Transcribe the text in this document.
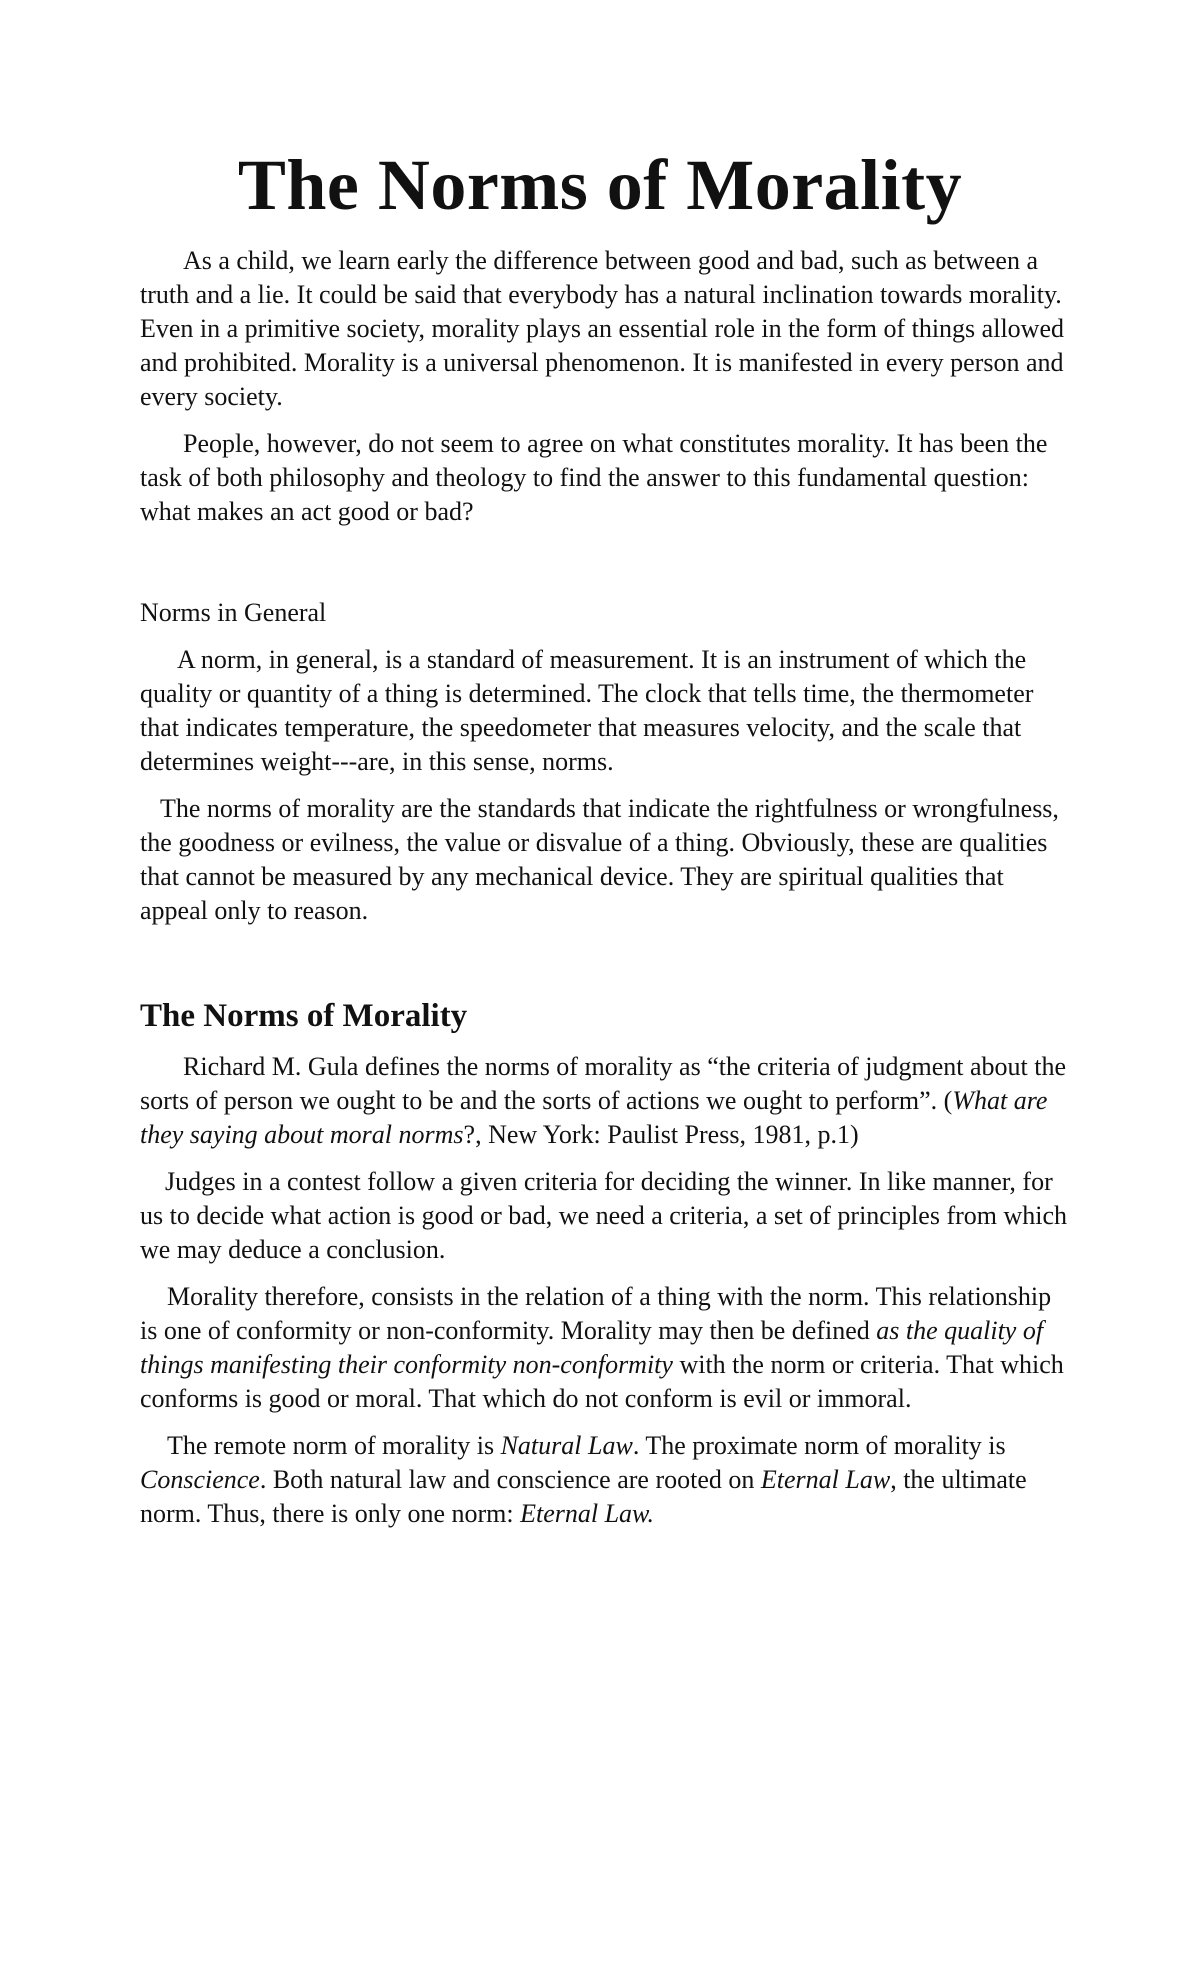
The Norms of Morality

As a child, we learn early the difference between good and bad, such as between a truth and a lie. It could be said that everybody has a natural inclination towards morality. Even in a primitive society, morality plays an essential role in the form of things allowed and prohibited. Morality is a universal phenomenon. It is manifested in every person and every society.

People, however, do not seem to agree on what constitutes morality. It has been the task of both philosophy and theology to find the answer to this fundamental question: what makes an act good or bad?

Norms in General

A norm, in general, is a standard of measurement. It is an instrument of which the quality or quantity of a thing is determined. The clock that tells time, the thermometer that indicates temperature, the speedometer that measures velocity, and the scale that determines weight---are, in this sense, norms.

The norms of morality are the standards that indicate the rightfulness or wrongfulness, the goodness or evilness, the value or disvalue of a thing. Obviously, these are qualities that cannot be measured by any mechanical device. They are spiritual qualities that appeal only to reason.

The Norms of Morality

Richard M. Gula defines the norms of morality as “the criteria of judgment about the sorts of person we ought to be and the sorts of actions we ought to perform”. (What are they saying about moral norms?, New York: Paulist Press, 1981, p.1)

Judges in a contest follow a given criteria for deciding the winner. In like manner, for us to decide what action is good or bad, we need a criteria, a set of principles from which we may deduce a conclusion.

Morality therefore, consists in the relation of a thing with the norm. This relationship is one of conformity or non-conformity. Morality may then be defined as the quality of things manifesting their conformity non-conformity with the norm or criteria. That which conforms is good or moral. That which do not conform is evil or immoral.

The remote norm of morality is Natural Law. The proximate norm of morality is Conscience. Both natural law and conscience are rooted on Eternal Law, the ultimate norm. Thus, there is only one norm: Eternal Law.
